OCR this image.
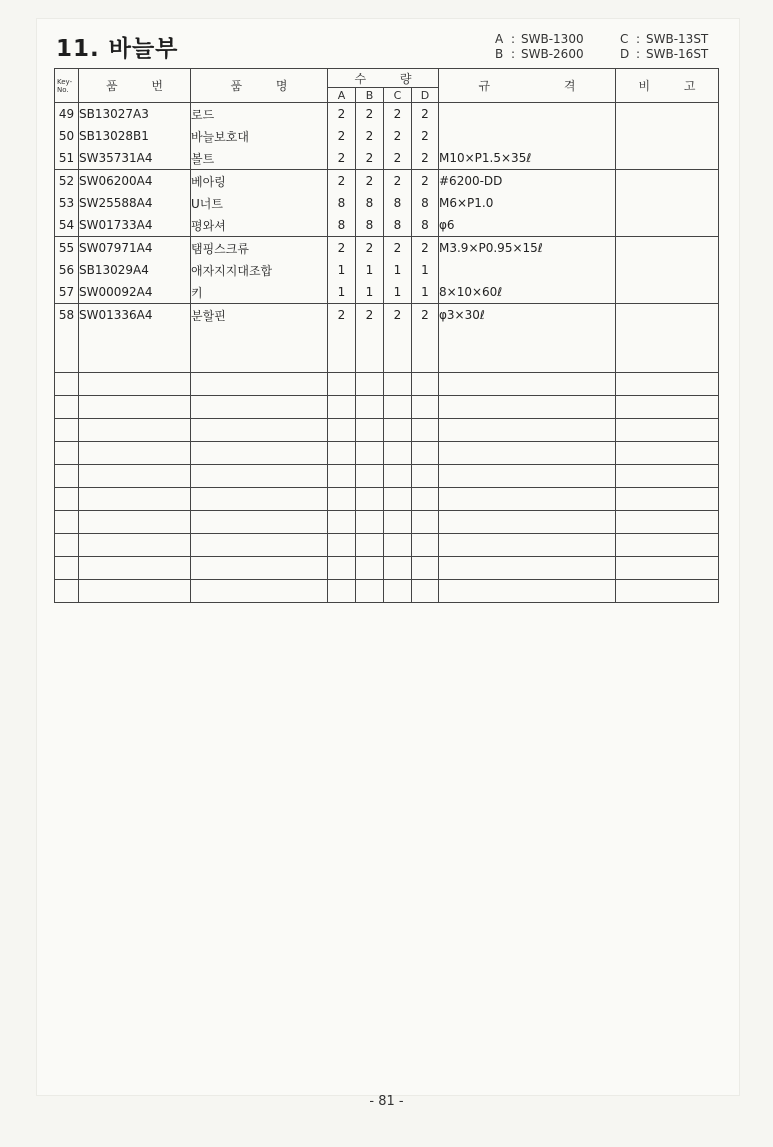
11. 바늘부	A : SWB-1300
B : SWB-2600
C : SWB-13ST
D : SWB-16ST
Key-
No.	품 번	품 명	수 량				규 격	비 고
			A	B	C	D		
49	SB13027A3	로드	2	2	2	2		
50	SB13028B1	바늘보호대	2	2	2	2		
51	SW35731A4	볼트	2	2	2	2	M10×P1.5×35ℓ	
52	SW06200A4	베아링	2	2	2	2	#6200-DD	
53	SW25588A4	U너트	8	8	8	8	M6×P1.0	
54	SW01733A4	평와셔	8	8	8	8	φ6	
55	SW07971A4	탬핑스크류	2	2	2	2	M3.9×P0.95×15ℓ	
56	SB13029A4	애자지지대조합	1	1	1	1		
57	SW00092A4	키	1	1	1	1	8×10×60ℓ	
58	SW01336A4	분할핀	2	2	2	2	φ3×30ℓ	

- 81 -
